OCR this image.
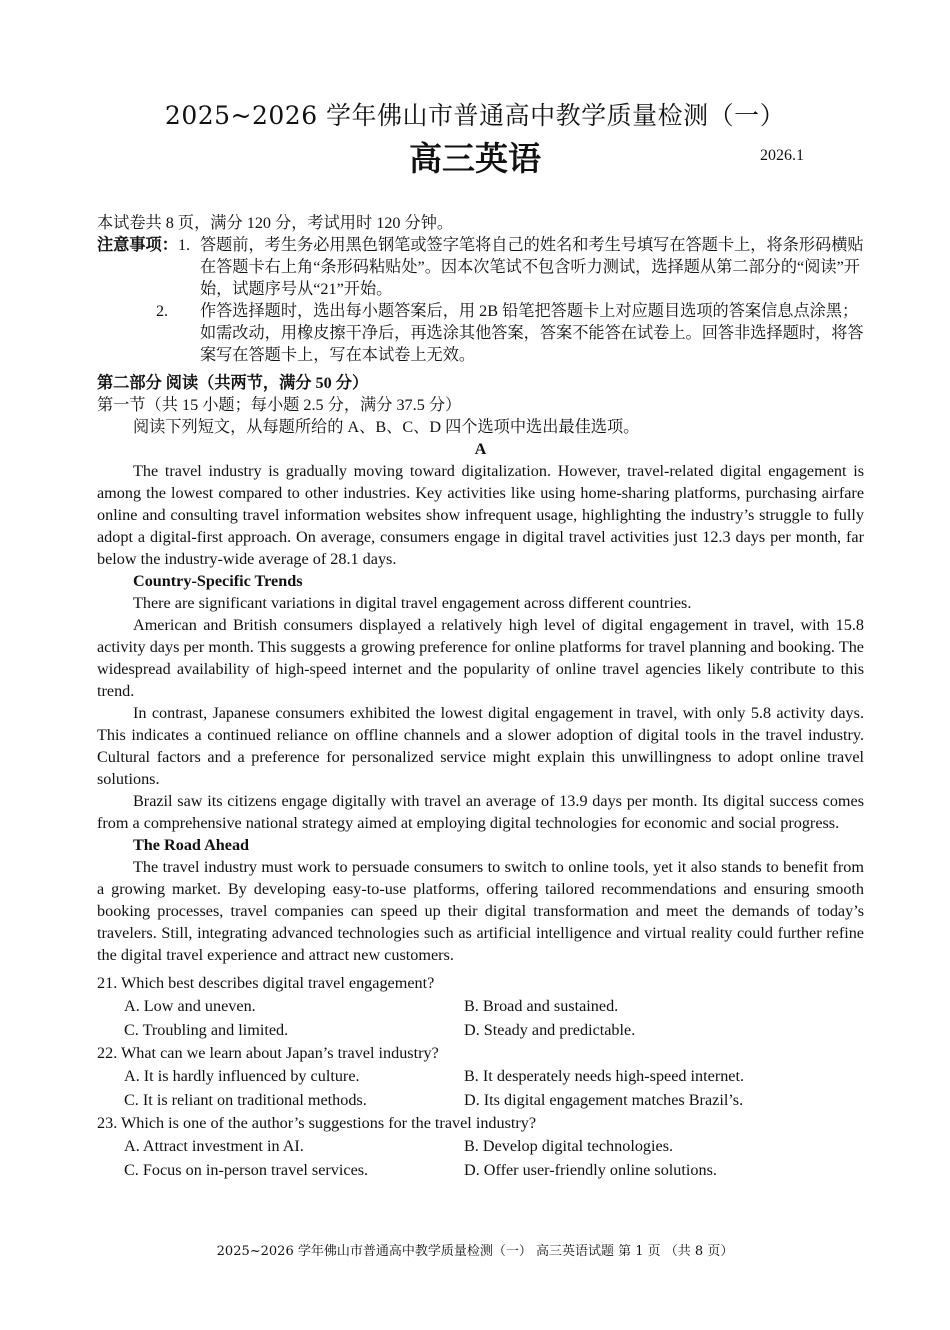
2025~2026 学年佛山市普通高中教学质量检测（一）
高三英语	2026.1
本试卷共 8 页，满分 120 分，考试用时 120 分钟。
注意事项： 1. 答题前，考生务必用黑色钢笔或签字笔将自己的姓名和考生号填写在答题卡上，将条形码横贴在答题卡右上角“条形码粘贴处”。因本次笔试不包含听力测试，选择题从第二部分的“阅读”开始，试题序号从“21”开始。
2.	作答选择题时，选出每小题答案后，用 2B 铅笔把答题卡上对应题目选项的答案信息点涂黑；如需改动，用橡皮擦干净后，再选涂其他答案，答案不能答在试卷上。回答非选择题时，将答案写在答题卡上，写在本试卷上无效。
第二部分 阅读（共两节，满分 50 分）
第一节（共 15 小题；每小题 2.5 分，满分 37.5 分）
阅读下列短文，从每题所给的 A、B、C、D 四个选项中选出最佳选项。
A

The travel industry is gradually moving toward digitalization. However, travel-related digital engagement is among the lowest compared to other industries. Key activities like using home-sharing platforms, purchasing airfare online and consulting travel information websites show infrequent usage, highlighting the industry’s struggle to fully adopt a digital-first approach. On average, consumers engage in digital travel activities just 12.3 days per month, far below the industry-wide average of 28.1 days.

Country-Specific Trends

There are significant variations in digital travel engagement across different countries.

American and British consumers displayed a relatively high level of digital engagement in travel, with 15.8 activity days per month. This suggests a growing preference for online platforms for travel planning and booking. The widespread availability of high-speed internet and the popularity of online travel agencies likely contribute to this trend.

In contrast, Japanese consumers exhibited the lowest digital engagement in travel, with only 5.8 activity days. This indicates a continued reliance on offline channels and a slower adoption of digital tools in the travel industry. Cultural factors and a preference for personalized service might explain this unwillingness to adopt online travel solutions.

Brazil saw its citizens engage digitally with travel an average of 13.9 days per month. Its digital success comes from a comprehensive national strategy aimed at employing digital technologies for economic and social progress.

The Road Ahead

The travel industry must work to persuade consumers to switch to online tools, yet it also stands to benefit from a growing market. By developing easy-to-use platforms, offering tailored recommendations and ensuring smooth booking processes, travel companies can speed up their digital transformation and meet the demands of today’s travelers. Still, integrating advanced technologies such as artificial intelligence and virtual reality could further refine the digital travel experience and attract new customers.

21. Which best describes digital travel engagement?

A. Low and uneven.	B. Broad and sustained.
C. Troubling and limited.	D. Steady and predictable.

22. What can we learn about Japan’s travel industry?

A. It is hardly influenced by culture.	B. It desperately needs high-speed internet.
C. It is reliant on traditional methods.	D. Its digital engagement matches Brazil’s.

23. Which is one of the author’s suggestions for the travel industry?

A. Attract investment in AI.	B. Develop digital technologies.
C. Focus on in-person travel services.	D. Offer user-friendly online solutions.
2025~2026 学年佛山市普通高中教学质量检测（一） 高三英语试题 第 1 页 （共 8 页）
